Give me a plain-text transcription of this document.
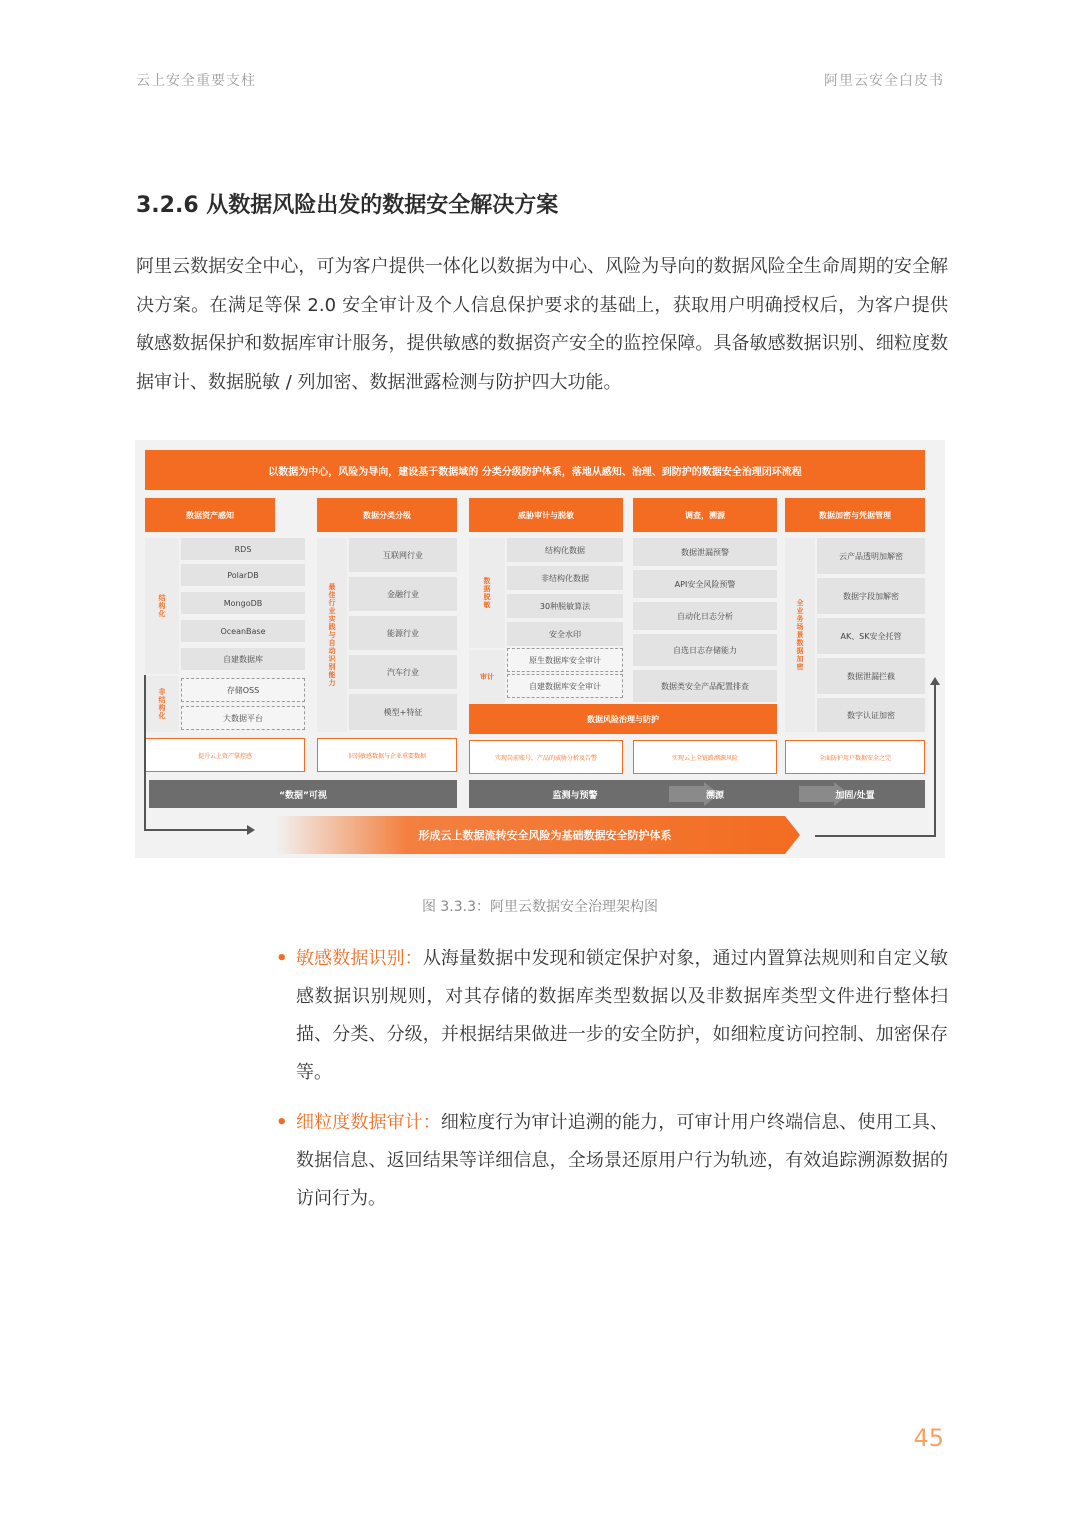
云上安全重要支柱	阿里云安全白皮书
3.2.6 从数据风险出发的数据安全解决方案
阿里云数据安全中心，可为客户提供一体化以数据为中心、风险为导向的数据风险全生命周期的安全解决方案。在满足等保 2.0 安全审计及个人信息保护要求的基础上，获取用户明确授权后，为客户提供敏感数据保护和数据库审计服务，提供敏感的数据资产安全的监控保障。具备敏感数据识别、细粒度数据审计、数据脱敏 / 列加密、数据泄露检测与防护四大功能。
以数据为中心，风险为导向，建设基于数据域的 分类分级防护体系，落地从感知、治理、到防护的数据安全治理闭环流程
数据资产感知	数据分类分级	威胁审计与脱敏	调查，溯源	数据加密与凭据管理
结构化
非结构化
RDS
PolarDB
MongoDB
OceanBase
自建数据库
存储OSS
大数据平台
最佳行业实践与自动识别能力
互联网行业
金融行业
能源行业
汽车行业
模型+特征
数据脱敏
审计
结构化数据
非结构化数据
30种脱敏算法
安全水印
原生数据库安全审计
自建数据库安全审计
数据泄漏预警
API安全风险预警
自动化日志分析
自选日志存储能力
数据类安全产品配置排查
全业务场景数据加密
云产品透明加解密
数据字段加解密
AK、SK安全托管
数据泄漏拦截
数字认证加密
数据风险治理与防护
提升云上资产掌控感	识别敏感数据与企业重要数据	实现岗前账号、产品的威胁分析及告警	实现云上全链路溯源风险	全面防护用户数据安全之完
“数据”可视	监测与预警	溯源	加固/处置
形成云上数据流转安全风险为基础数据安全防护体系
图 3.3.3：阿里云数据安全治理架构图
• 敏感数据识别：从海量数据中发现和锁定保护对象，通过内置算法规则和自定义敏感数据识别规则，对其存储的数据库类型数据以及非数据库类型文件进行整体扫描、分类、分级，并根据结果做进一步的安全防护，如细粒度访问控制、加密保存等。
• 细粒度数据审计：细粒度行为审计追溯的能力，可审计用户终端信息、使用工具、数据信息、返回结果等详细信息，全场景还原用户行为轨迹，有效追踪溯源数据的访问行为。
45
